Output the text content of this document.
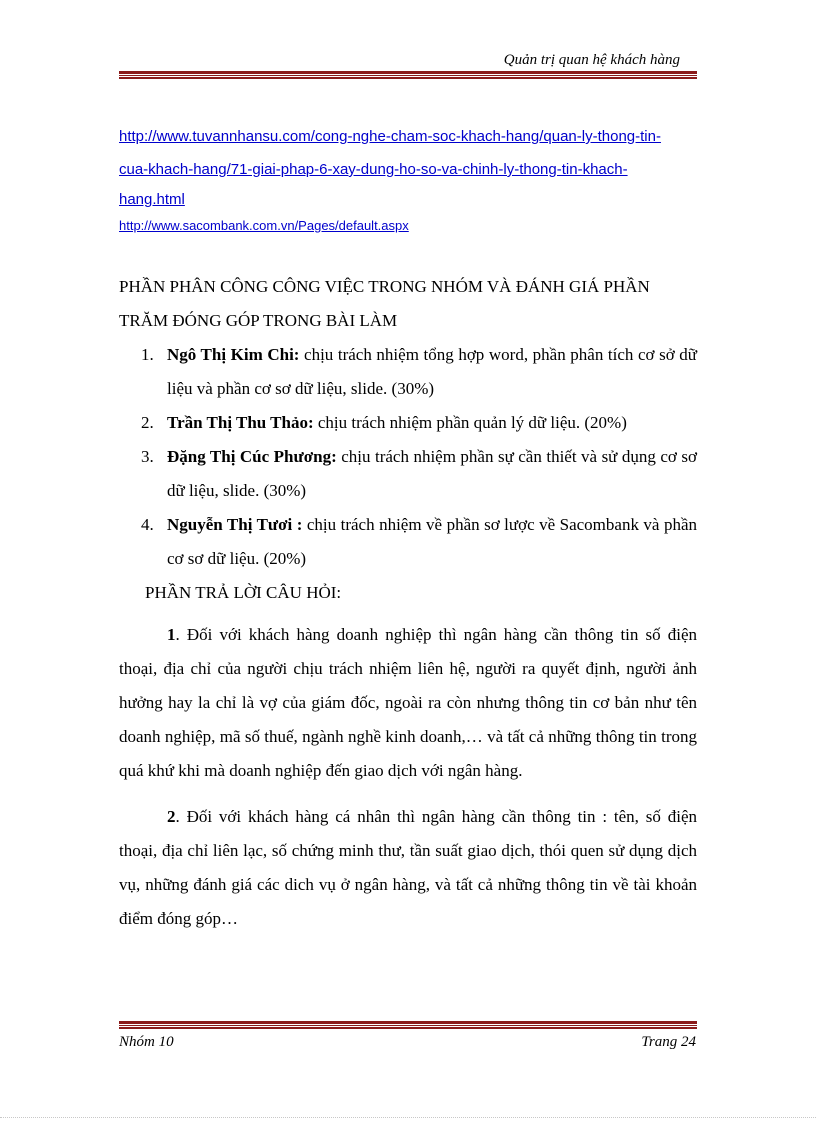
Quản trị quan hệ khách hàng
http://www.tuvannhansu.com/cong-nghe-cham-soc-khach-hang/quan-ly-thong-tin-
cua-khach-hang/71-giai-phap-6-xay-dung-ho-so-va-chinh-ly-thong-tin-khach-
hang.html
http://www.sacombank.com.vn/Pages/default.aspx

PHẦN PHÂN CÔNG CÔNG VIỆC TRONG NHÓM VÀ ĐÁNH GIÁ PHẦN TRĂM ĐÓNG GÓP TRONG BÀI LÀM

1. Ngô Thị Kim Chi: chịu trách nhiệm tổng hợp word, phần phân tích cơ sở dữ liệu và phần cơ sơ dữ liệu, slide. (30%)
2. Trần Thị Thu Thảo: chịu trách nhiệm phần quản lý dữ liệu. (20%)
3. Đặng Thị Cúc Phương: chịu trách nhiệm phần sự cần thiết và sử dụng cơ sơ dữ liệu, slide. (30%)
4. Nguyễn Thị Tươi : chịu trách nhiệm về phần sơ lược về Sacombank và phần cơ sơ dữ liệu. (20%)

PHẦN TRẢ LỜI CÂU HỎI:

1. Đối với khách hàng doanh nghiệp thì ngân hàng cần thông tin số điện thoại, địa chỉ của người chịu trách nhiệm liên hệ, người ra quyết định, người ảnh hưởng hay la chỉ là vợ của giám đốc, ngoài ra còn nhưng thông tin cơ bản như tên doanh nghiệp, mã số thuế, ngành nghề kinh doanh,… và tất cả những thông tin trong quá khứ khi mà doanh nghiệp đến giao dịch với ngân hàng.

2. Đối với khách hàng cá nhân thì ngân hàng cần thông tin : tên, số điện thoại, địa chỉ liên lạc, số chứng minh thư, tần suất giao dịch, thói quen sử dụng dịch vụ, những đánh giá các dich vụ ở ngân hàng, và tất cả những thông tin về tài khoản điểm đóng góp…

Nhóm 10	Trang 24
